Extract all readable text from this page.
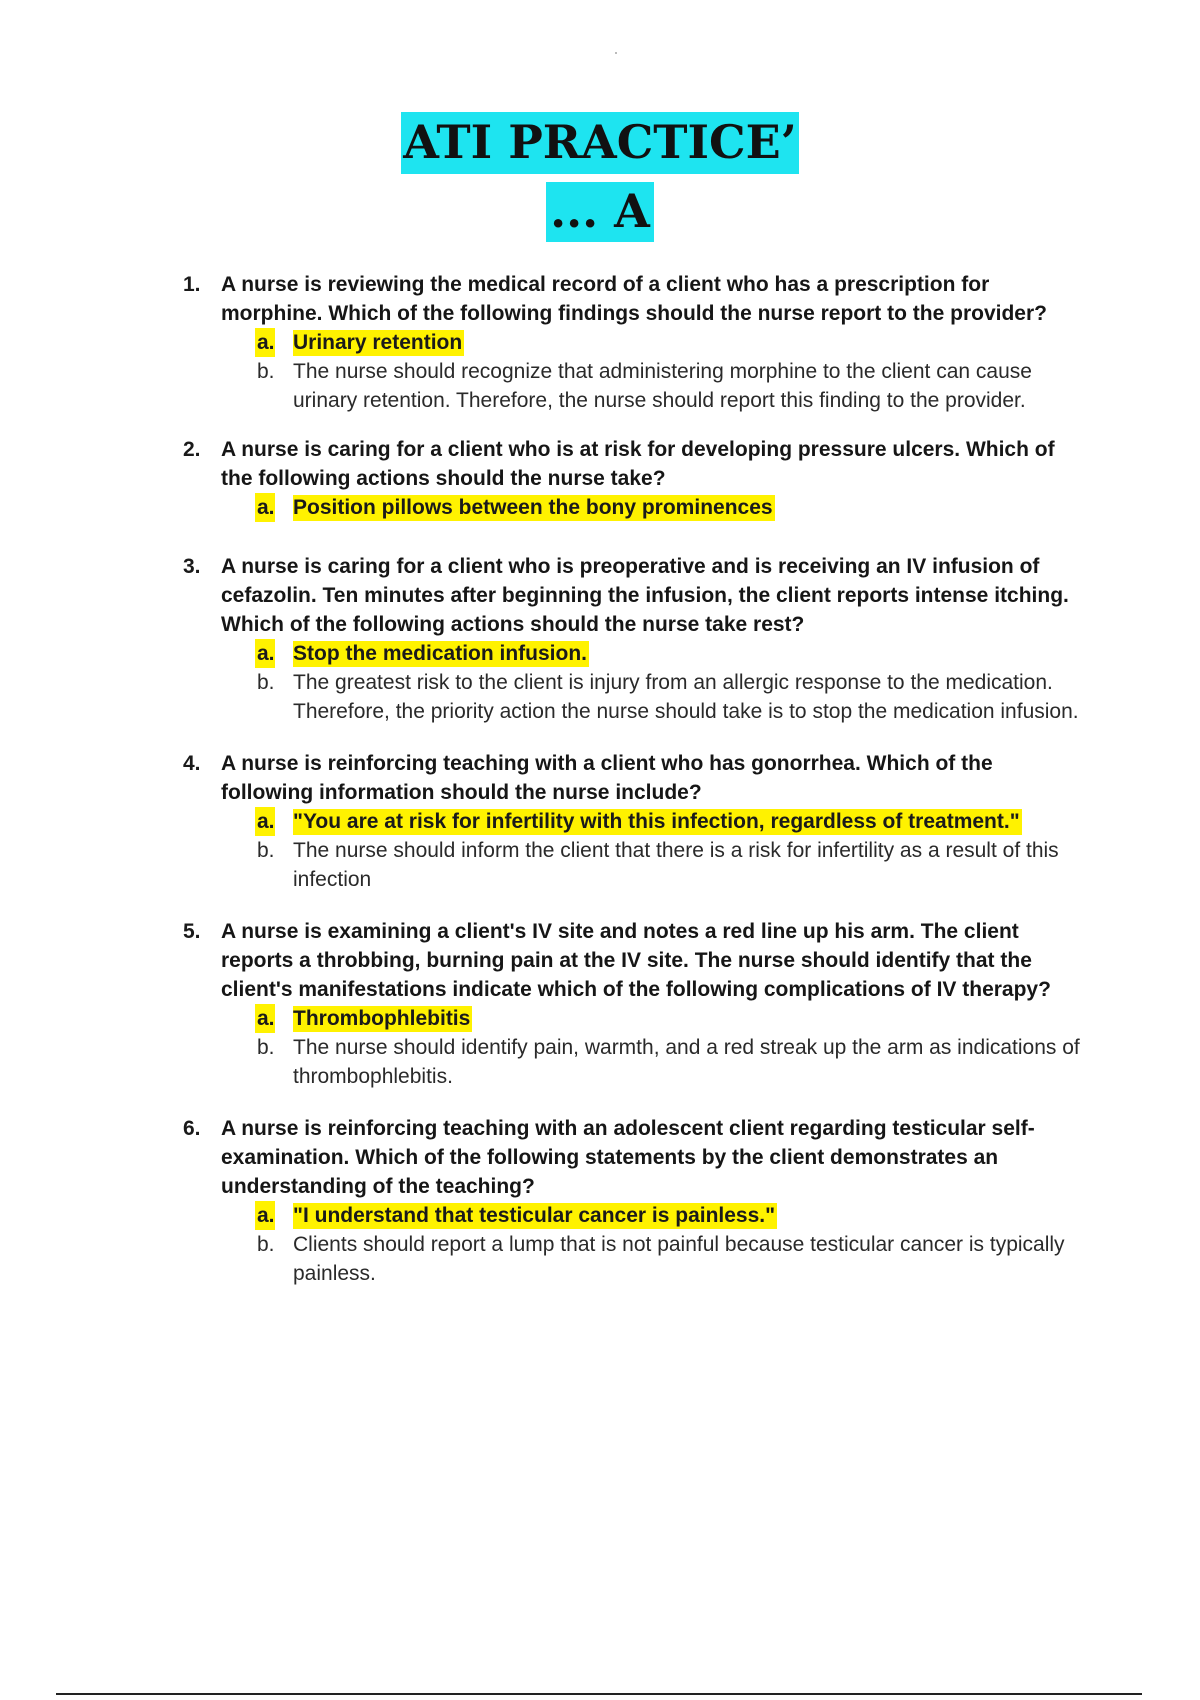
ATI PRACTICE’
... A
1. A nurse is reviewing the medical record of a client who has a prescription for morphine. Which of the following findings should the nurse report to the provider?
a. Urinary retention
b. The nurse should recognize that administering morphine to the client can cause urinary retention. Therefore, the nurse should report this finding to the provider.
2. A nurse is caring for a client who is at risk for developing pressure ulcers. Which of the following actions should the nurse take?
a. Position pillows between the bony prominences
3. A nurse is caring for a client who is preoperative and is receiving an IV infusion of cefazolin. Ten minutes after beginning the infusion, the client reports intense itching. Which of the following actions should the nurse take rest?
a. Stop the medication infusion.
b. The greatest risk to the client is injury from an allergic response to the medication. Therefore, the priority action the nurse should take is to stop the medication infusion.
4. A nurse is reinforcing teaching with a client who has gonorrhea. Which of the following information should the nurse include?
a. "You are at risk for infertility with this infection, regardless of treatment."
b. The nurse should inform the client that there is a risk for infertility as a result of this infection
5. A nurse is examining a client's IV site and notes a red line up his arm. The client reports a throbbing, burning pain at the IV site. The nurse should identify that the client's manifestations indicate which of the following complications of IV therapy?
a. Thrombophlebitis
b. The nurse should identify pain, warmth, and a red streak up the arm as indications of thrombophlebitis.
6. A nurse is reinforcing teaching with an adolescent client regarding testicular self-examination. Which of the following statements by the client demonstrates an understanding of the teaching?
a. "I understand that testicular cancer is painless."
b. Clients should report a lump that is not painful because testicular cancer is typically painless.
